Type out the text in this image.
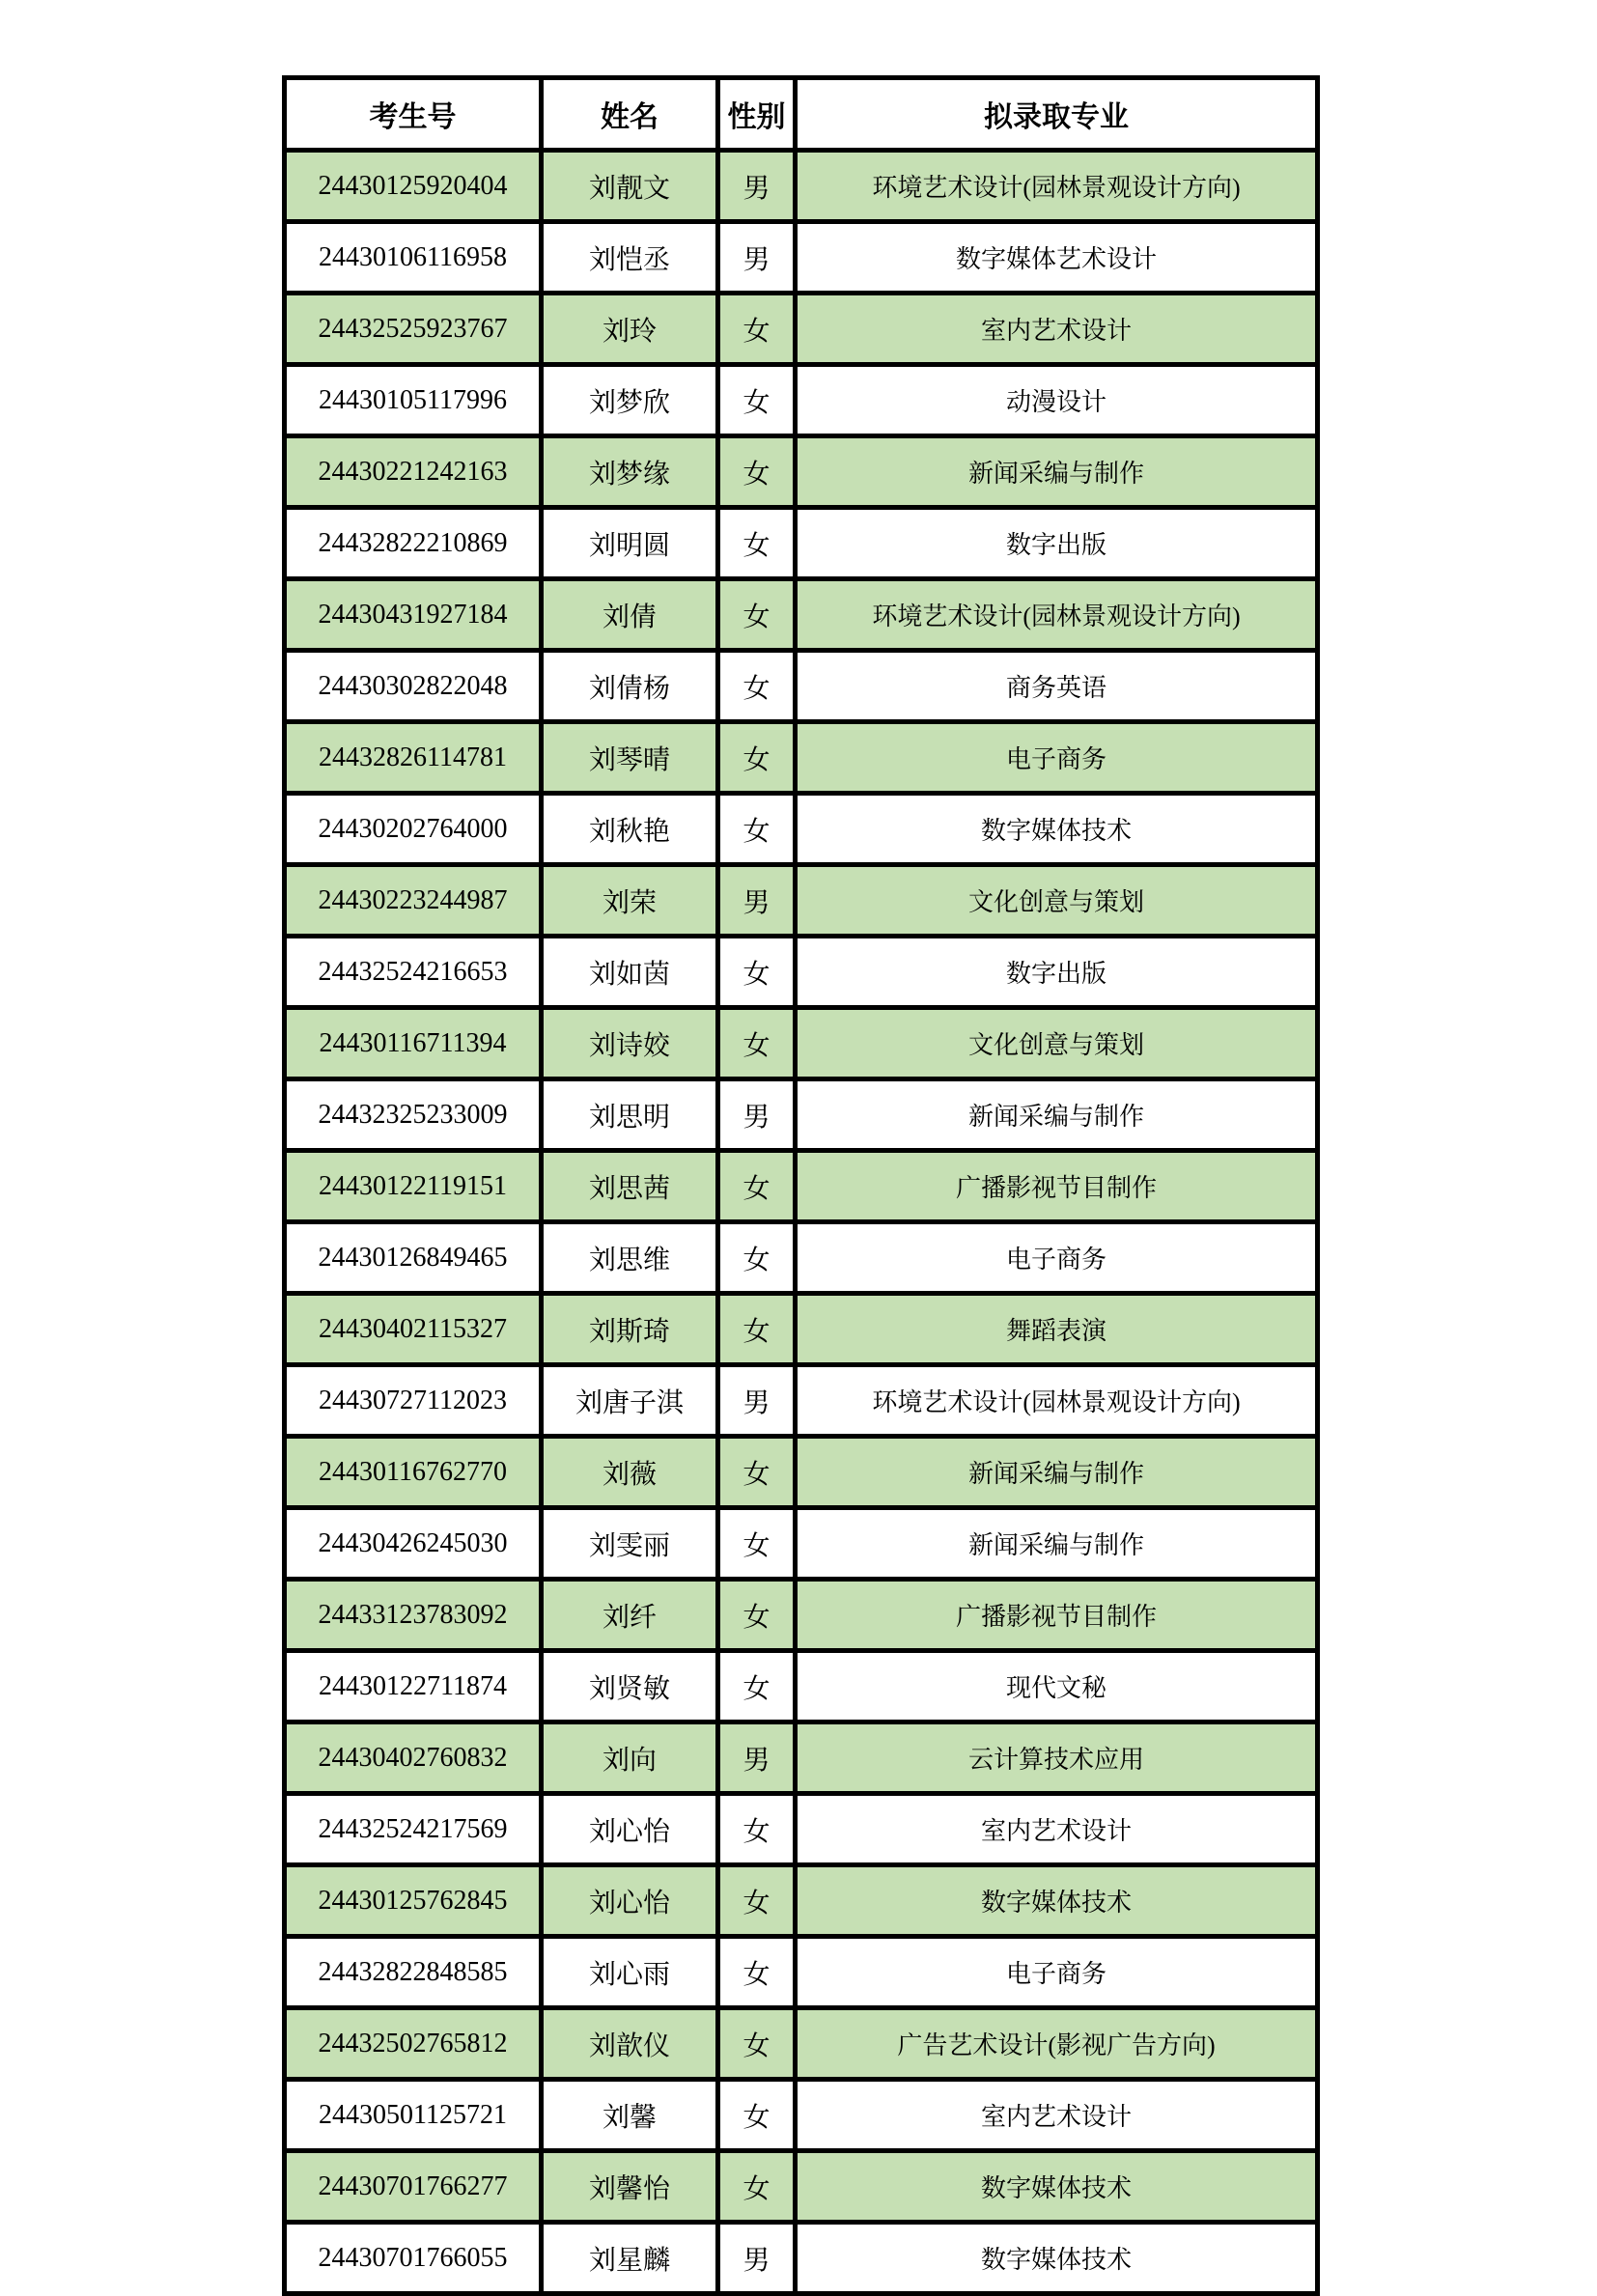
考生号	姓名	性别	拟录取专业
24430125920404	刘靓文	男	环境艺术设计(园林景观设计方向)
24430106116958	刘恺丞	男	数字媒体艺术设计
24432525923767	刘玲	女	室内艺术设计
24430105117996	刘梦欣	女	动漫设计
24430221242163	刘梦缘	女	新闻采编与制作
24432822210869	刘明圆	女	数字出版
24430431927184	刘倩	女	环境艺术设计(园林景观设计方向)
24430302822048	刘倩杨	女	商务英语
24432826114781	刘琴晴	女	电子商务
24430202764000	刘秋艳	女	数字媒体技术
24430223244987	刘荣	男	文化创意与策划
24432524216653	刘如茵	女	数字出版
24430116711394	刘诗姣	女	文化创意与策划
24432325233009	刘思明	男	新闻采编与制作
24430122119151	刘思茜	女	广播影视节目制作
24430126849465	刘思维	女	电子商务
24430402115327	刘斯琦	女	舞蹈表演
24430727112023	刘唐子淇	男	环境艺术设计(园林景观设计方向)
24430116762770	刘薇	女	新闻采编与制作
24430426245030	刘雯丽	女	新闻采编与制作
24433123783092	刘纤	女	广播影视节目制作
24430122711874	刘贤敏	女	现代文秘
24430402760832	刘向	男	云计算技术应用
24432524217569	刘心怡	女	室内艺术设计
24430125762845	刘心怡	女	数字媒体技术
24432822848585	刘心雨	女	电子商务
24432502765812	刘歆仪	女	广告艺术设计(影视广告方向)
24430501125721	刘馨	女	室内艺术设计
24430701766277	刘馨怡	女	数字媒体技术
24430701766055	刘星麟	男	数字媒体技术
